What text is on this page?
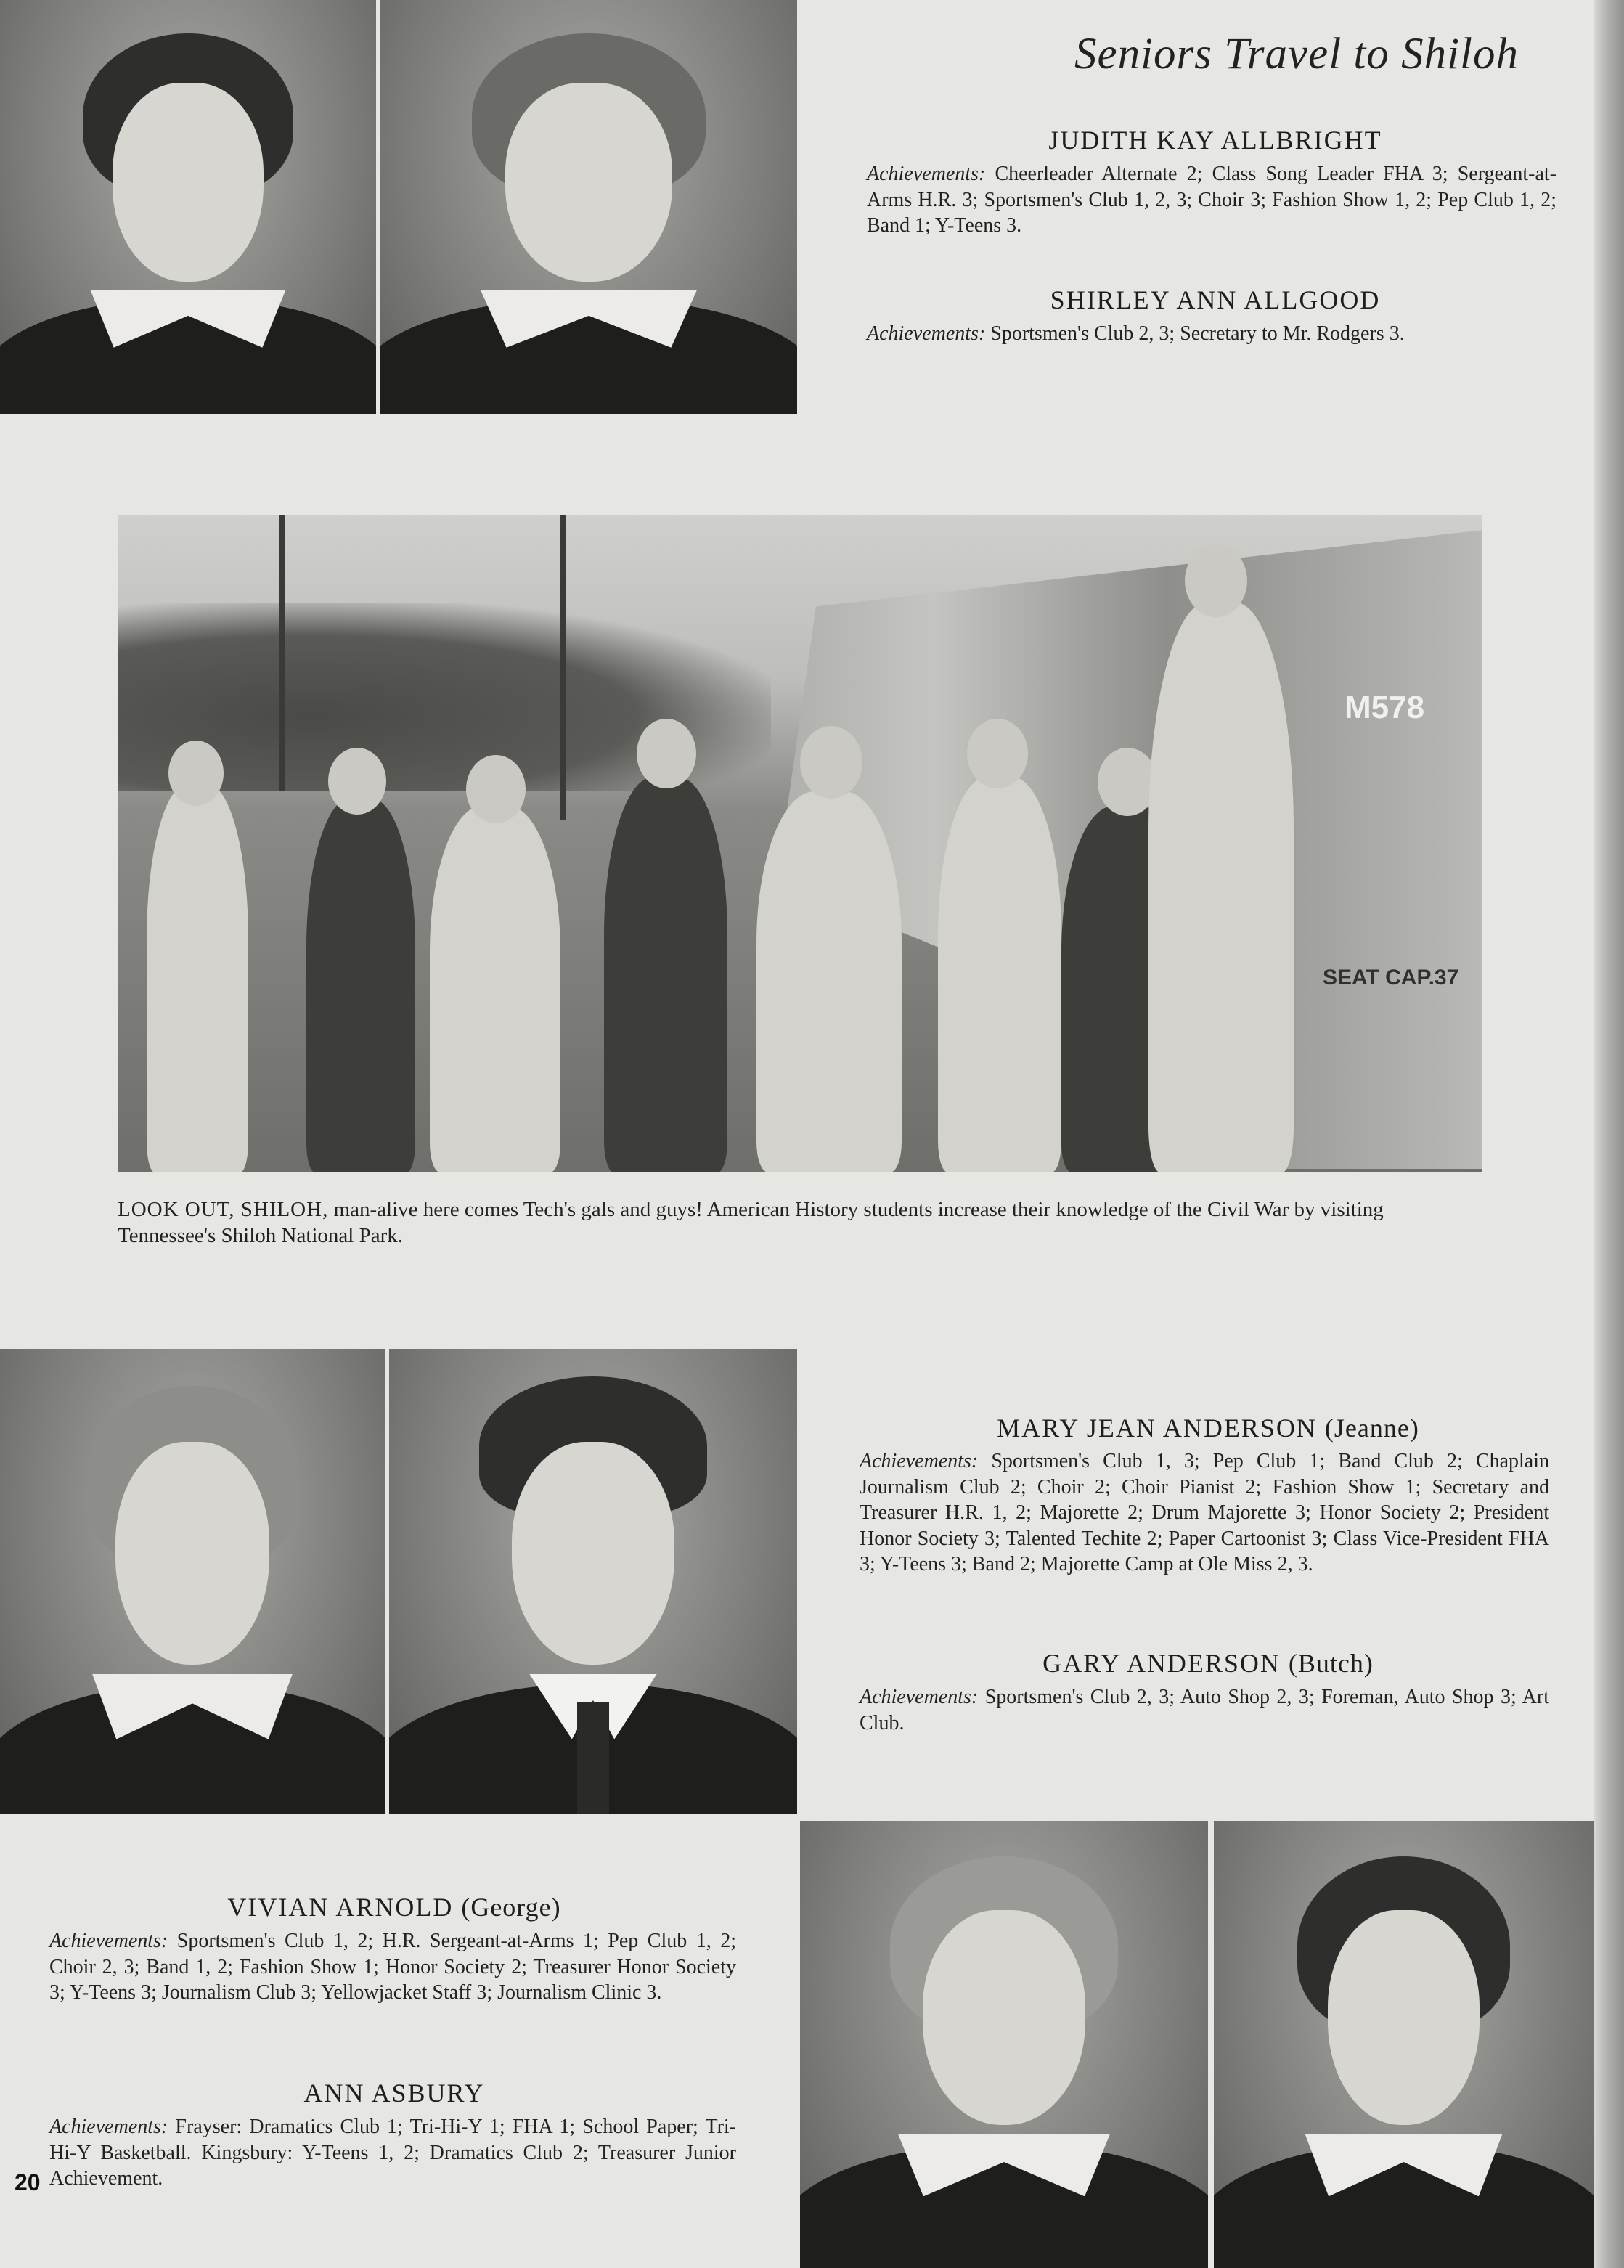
Seniors Travel to Shiloh
JUDITH KAY ALLBRIGHT
Achievements: Cheerleader Alternate 2; Class Song Leader FHA 3; Sergeant-at-Arms H.R. 3; Sportsmen's Club 1, 2, 3; Choir 3; Fashion Show 1, 2; Pep Club 1, 2; Band 1; Y-Teens 3.
SHIRLEY ANN ALLGOOD
Achievements: Sportsmen's Club 2, 3; Secretary to Mr. Rodgers 3.
M578
SEAT CAP.37
LOOK OUT, SHILOH, man-alive here comes Tech's gals and guys! American History students increase their knowledge of the Civil War by visiting Tennessee's Shiloh National Park.
MARY JEAN ANDERSON (Jeanne)
Achievements: Sportsmen's Club 1, 3; Pep Club 1; Band Club 2; Chaplain Journalism Club 2; Choir 2; Choir Pianist 2; Fashion Show 1; Secretary and Treasurer H.R. 1, 2; Majorette 2; Drum Majorette 3; Honor Society 2; President Honor Society 3; Talented Techite 2; Paper Cartoonist 3; Class Vice-President FHA 3; Y-Teens 3; Band 2; Majorette Camp at Ole Miss 2, 3.
GARY ANDERSON (Butch)
Achievements: Sportsmen's Club 2, 3; Auto Shop 2, 3; Foreman, Auto Shop 3; Art Club.
VIVIAN ARNOLD (George)
Achievements: Sportsmen's Club 1, 2; H.R. Sergeant-at-Arms 1; Pep Club 1, 2; Choir 2, 3; Band 1, 2; Fashion Show 1; Honor Society 2; Treasurer Honor Society 3; Y-Teens 3; Journalism Club 3; Yellowjacket Staff 3; Journalism Clinic 3.
ANN ASBURY
Achievements: Frayser: Dramatics Club 1; Tri-Hi-Y 1; FHA 1; School Paper; Tri-Hi-Y Basketball. Kingsbury: Y-Teens 1, 2; Dramatics Club 2; Treasurer Junior Achievement.
20
